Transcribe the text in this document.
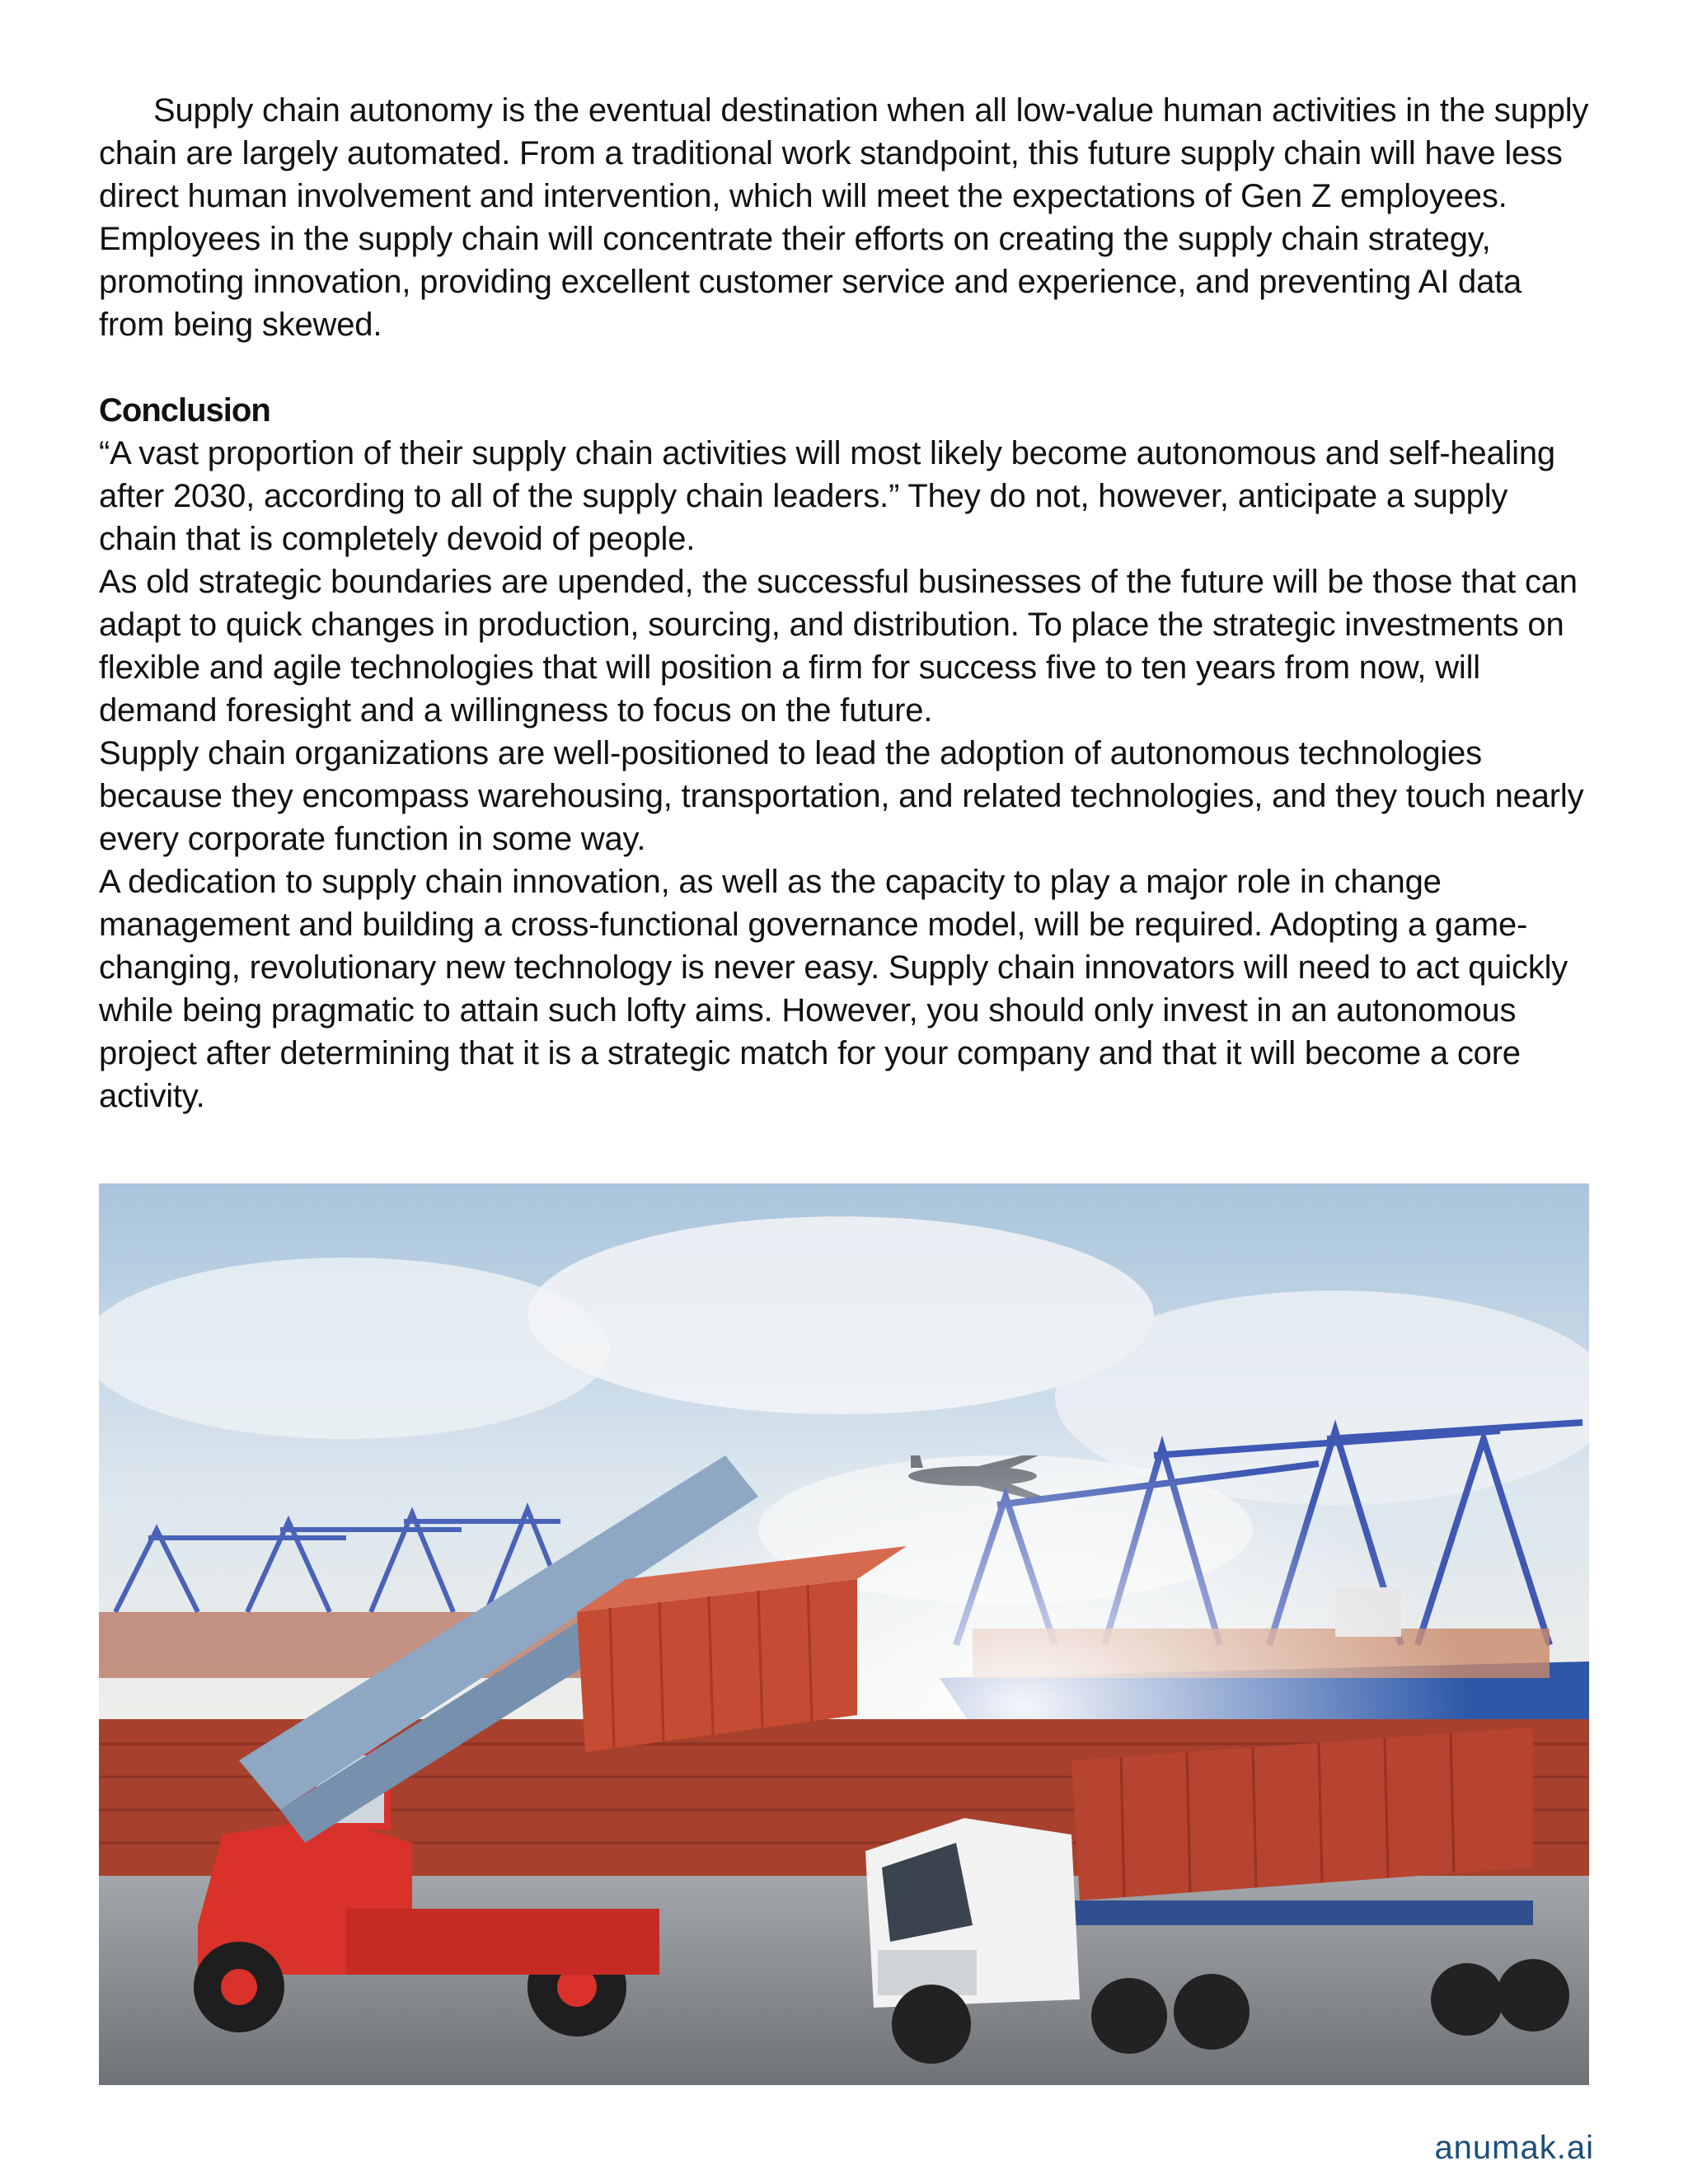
Supply chain autonomy is the eventual destination when all low-value human activities in the supply chain are largely automated. From a traditional work standpoint, this future supply chain will have less direct human involvement and intervention, which will meet the expectations of Gen Z employees. Employees in the supply chain will concentrate their efforts on creating the supply chain strategy, promoting innovation, providing excellent customer service and experience, and preventing AI data from being skewed.

Conclusion

“A vast proportion of their supply chain activities will most likely become autonomous and self-healing after 2030, according to all of the supply chain leaders.” They do not, however, anticipate a supply chain that is completely devoid of people.

As old strategic boundaries are upended, the successful businesses of the future will be those that can adapt to quick changes in production, sourcing, and distribution. To place the strategic investments on flexible and agile technologies that will position a firm for success five to ten years from now, will demand foresight and a willingness to focus on the future.

Supply chain organizations are well-positioned to lead the adoption of autonomous technologies because they encompass warehousing, transportation, and related technologies, and they touch nearly every corporate function in some way.

A dedication to supply chain innovation, as well as the capacity to play a major role in change management and building a cross-functional governance model, will be required. Adopting a game-changing, revolutionary new technology is never easy. Supply chain innovators will need to act quickly while being pragmatic to attain such lofty aims. However, you should only invest in an autonomous project after determining that it is a strategic match for your company and that it will become a core activity.

anumak.ai
